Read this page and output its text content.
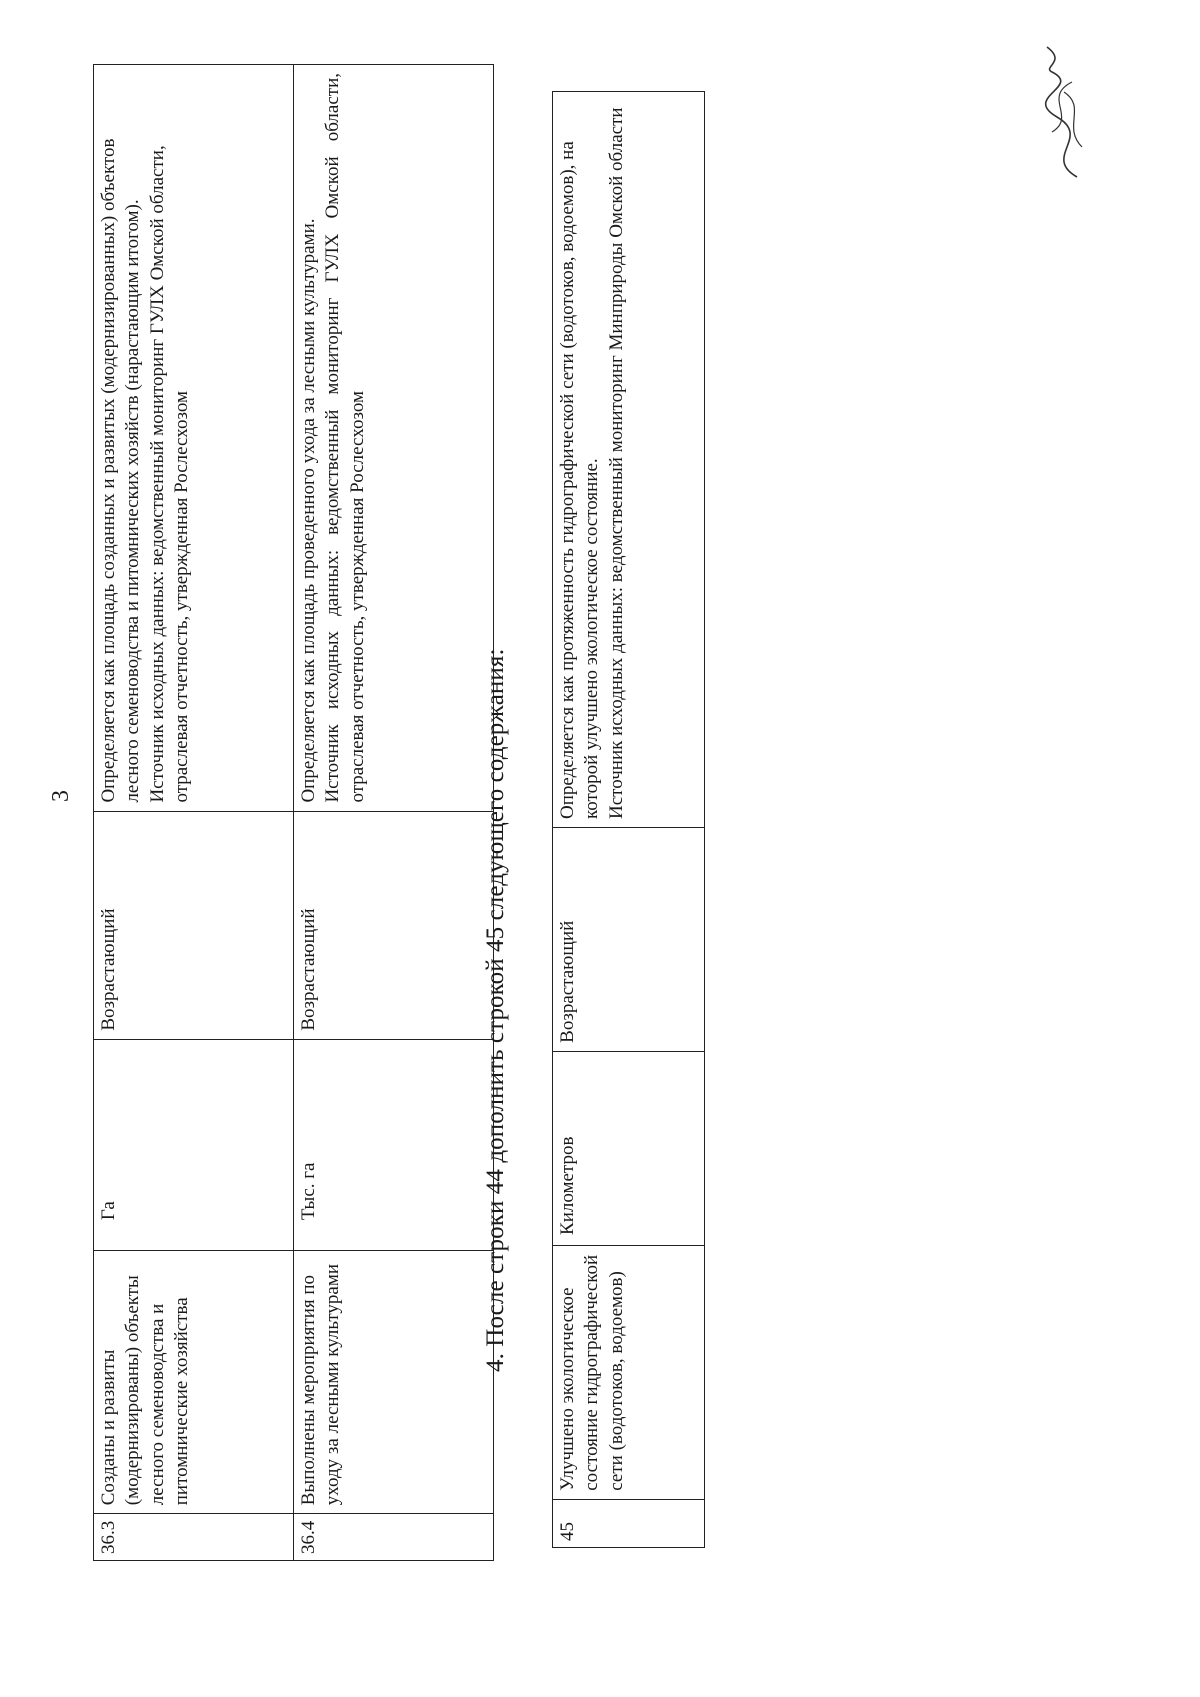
3
36.3	Созданы и развиты (модернизированы) объекты лесного семеноводства и питомнические хозяйства	Га	Возрастающий	Определяется как площадь созданных и развитых (модернизированных) объектов лесного семеноводства и питомнических хозяйств (нарастающим итогом).
Источник исходных данных: ведомственный мониторинг ГУЛХ Омской области, отраслевая отчетность, утвержденная Рослесхозом
36.4	Выполнены мероприятия по уходу за лесными культурами	Тыс. га	Возрастающий	Определяется как площадь проведенного ухода за лесными культурами.
Источник исходных данных: ведомственный мониторинг ГУЛХ Омской области, отраслевая отчетность, утвержденная Рослесхозом
4. После строки 44 дополнить строкой 45 следующего содержания:
45	Улучшено экологическое состояние гидрографической сети (водотоков, водоемов)	Километров	Возрастающий	Определяется как протяженность гидрографической сети (водотоков, водоемов), на которой улучшено экологическое состояние.
Источник исходных данных: ведомственный мониторинг Минприроды Омской области
